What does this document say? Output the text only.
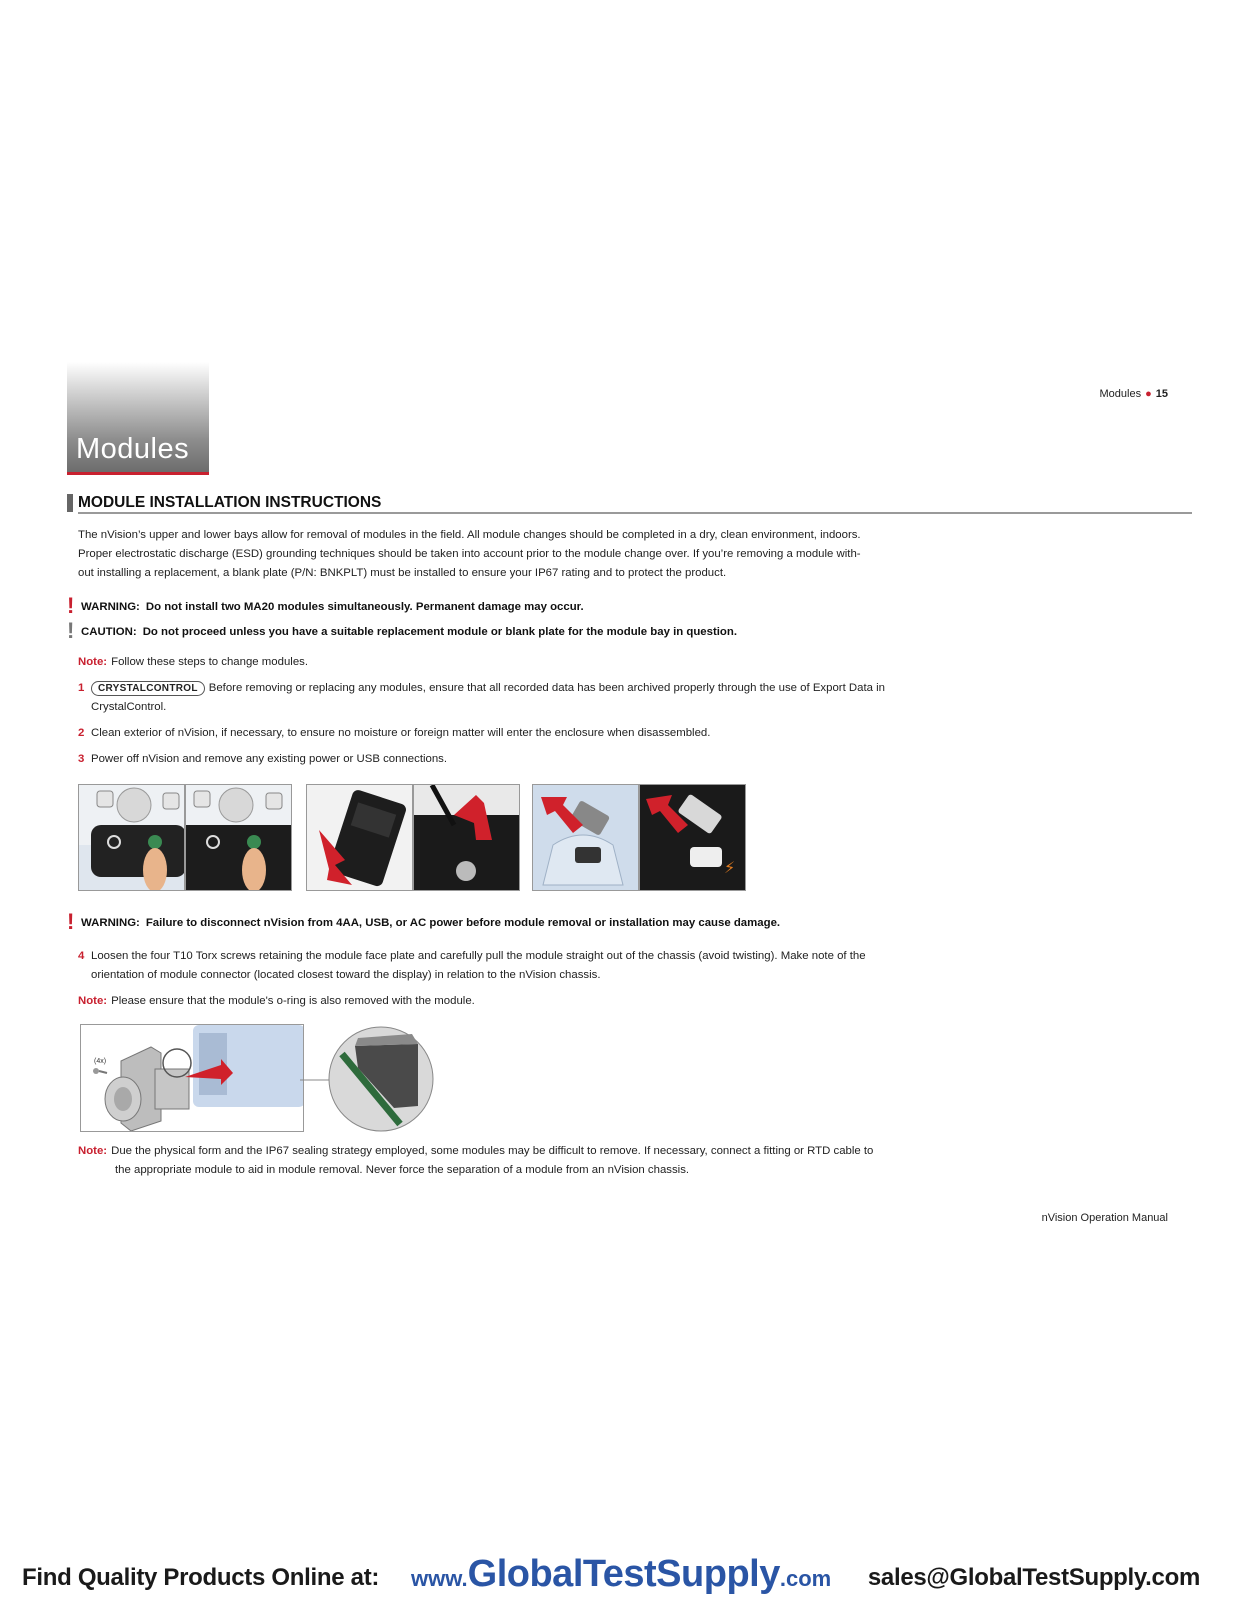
Modules
Modules ● 15
MODULE INSTALLATION INSTRUCTIONS

The nVision’s upper and lower bays allow for removal of modules in the field. All module changes should be completed in a dry, clean environment, indoors.

Proper electrostatic discharge (ESD) grounding techniques should be taken into account prior to the module change over. If you’re removing a module with-

out installing a replacement, a blank plate (P/N: BNKPLT) must be installed to ensure your IP67 rating and to protect the product.

! WARNING: Do not install two MA20 modules simultaneously. Permanent damage may occur.
! CAUTION: Do not proceed unless you have a suitable replacement module or blank plate for the module bay in question.
Note: Follow these steps to change modules.
1 CRYSTALCONTROL Before removing or replacing any modules, ensure that all recorded data has been archived properly through the use of Export Data in
CrystalControl.
2 Clean exterior of nVision, if necessary, to ensure no moisture or foreign matter will enter the enclosure when disassembled.
3 Power off nVision and remove any existing power or USB connections.
⚡
! WARNING: Failure to disconnect nVision from 4AA, USB, or AC power before module removal or installation may cause damage.
4 Loosen the four T10 Torx screws retaining the module face plate and carefully pull the module straight out of the chassis (avoid twisting). Make note of the
orientation of module connector (located closest toward the display) in relation to the nVision chassis.
Note: Please ensure that the module's o-ring is also removed with the module.
(4x)
Note: Due the physical form and the IP67 sealing strategy employed, some modules may be difficult to remove. If necessary, connect a fitting or RTD cable to
the appropriate module to aid in module removal. Never force the separation of a module from an nVision chassis.
nVision Operation Manual
Find Quality Products Online at: www.GlobalTestSupply.com sales@GlobalTestSupply.com
